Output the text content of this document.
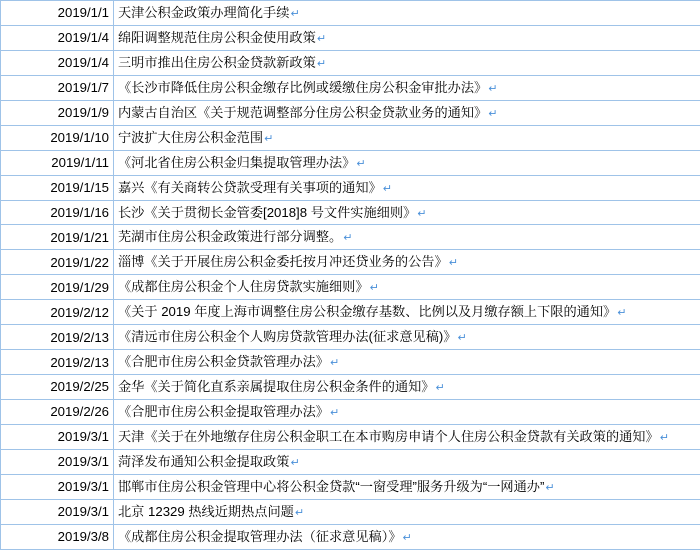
2019/1/1	天津公积金政策办理简化手续↵
2019/1/4	绵阳调整规范住房公积金使用政策↵
2019/1/4	三明市推出住房公积金贷款新政策↵
2019/1/7	《长沙市降低住房公积金缴存比例或缓缴住房公积金审批办法》↵
2019/1/9	内蒙古自治区《关于规范调整部分住房公积金贷款业务的通知》↵
2019/1/10	宁波扩大住房公积金范围↵
2019/1/11	《河北省住房公积金归集提取管理办法》↵
2019/1/15	嘉兴《有关商转公贷款受理有关事项的通知》↵
2019/1/16	长沙《关于贯彻长金管委[2018]8 号文件实施细则》↵
2019/1/21	芜湖市住房公积金政策进行部分调整。↵
2019/1/22	淄博《关于开展住房公积金委托按月冲还贷业务的公告》↵
2019/1/29	《成都住房公积金个人住房贷款实施细则》↵
2019/2/12	《关于 2019 年度上海市调整住房公积金缴存基数、比例以及月缴存额上下限的通知》↵
2019/2/13	《清远市住房公积金个人购房贷款管理办法(征求意见稿)》↵
2019/2/13	《合肥市住房公积金贷款管理办法》↵
2019/2/25	金华《关于简化直系亲属提取住房公积金条件的通知》↵
2019/2/26	《合肥市住房公积金提取管理办法》↵
2019/3/1	天津《关于在外地缴存住房公积金职工在本市购房申请个人住房公积金贷款有关政策的通知》↵
2019/3/1	菏泽发布通知公积金提取政策↵
2019/3/1	邯郸市住房公积金管理中心将公积金贷款“一窗受理”服务升级为“一网通办”↵
2019/3/1	北京 12329 热线近期热点问题↵
2019/3/8	《成都住房公积金提取管理办法（征求意见稿）》↵
